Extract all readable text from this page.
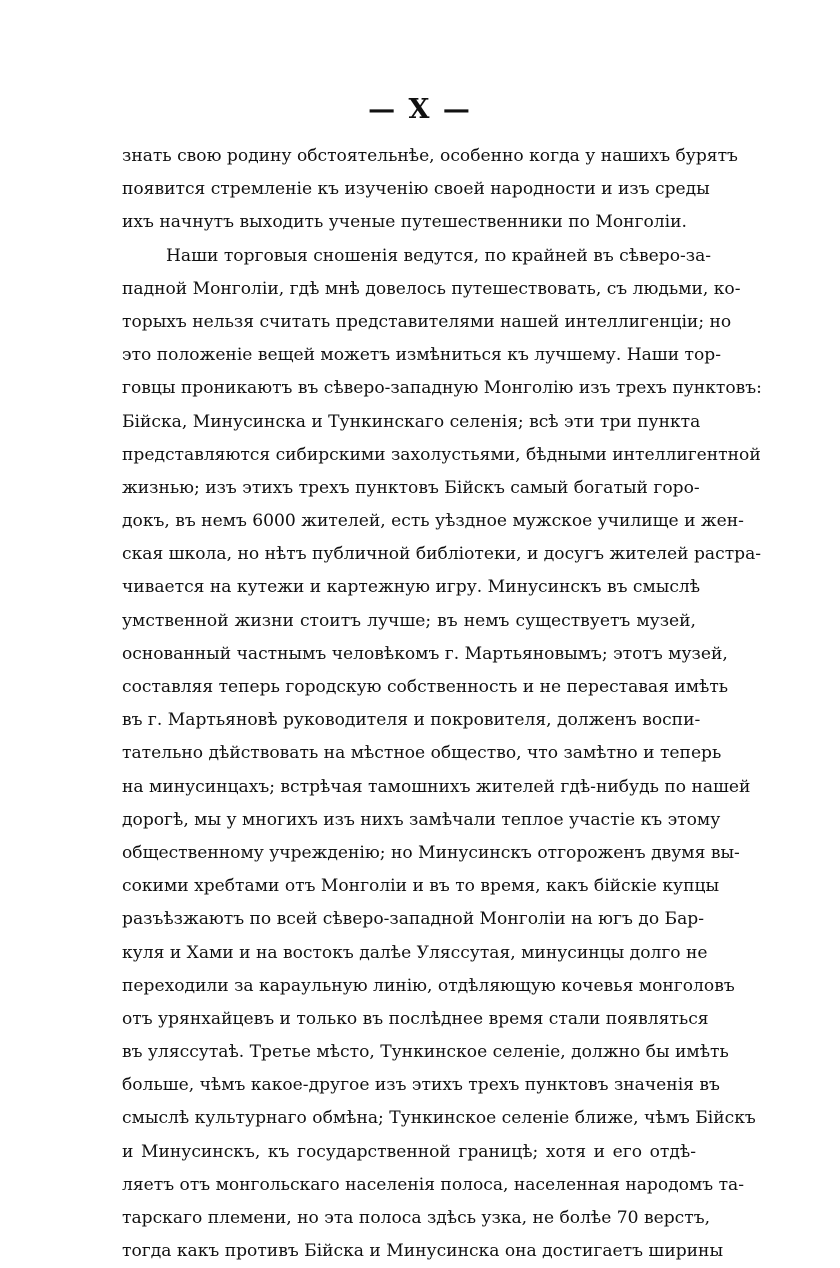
— X —
знать свою родину обстоятельнѣе, особенно когда у нашихъ бурятъ
появится стремленіе къ изученію своей народности и изъ среды
ихъ начнутъ выходить ученые путешественники по Монголіи.
Наши торговыя сношенія ведутся, по крайней въ сѣверо-за-
падной Монголіи, гдѣ мнѣ довелось путешествовать, съ людьми, ко-
торыхъ нельзя считать представителями нашей интеллигенціи; но
это положеніе вещей можетъ измѣниться къ лучшему. Наши тор-
говцы проникаютъ въ сѣверо-западную Монголію изъ трехъ пунктовъ:
Бійска, Минусинска и Тункинскаго селенія; всѣ эти три пункта
представляются сибирскими захолустьями, бѣдными интеллигентной
жизнью; изъ этихъ трехъ пунктовъ Бійскъ самый богатый горо-
докъ, въ немъ 6000 жителей, есть уѣздное мужское училище и жен-
ская школа, но нѣтъ публичной библіотеки, и досугъ жителей растра-
чивается на кутежи и картежную игру. Минусинскъ въ смыслѣ
умственной жизни стоитъ лучше; въ немъ существуетъ музей,
основанный частнымъ человѣкомъ г. Мартьяновымъ; этотъ музей,
составляя теперь городскую собственность и не переставая имѣть
въ г. Мартьяновѣ руководителя и покровителя, долженъ воспи-
тательно дѣйствовать на мѣстное общество, что замѣтно и теперь
на минусинцахъ; встрѣчая тамошнихъ жителей гдѣ-нибудь по нашей
дорогѣ, мы у многихъ изъ нихъ замѣчали теплое участіе къ этому
общественному учрежденію; но Минусинскъ отгороженъ двумя вы-
сокими хребтами отъ Монголіи и въ то время, какъ бійскіе купцы
разъѣзжаютъ по всей сѣверо-западной Монголіи на югъ до Бар-
куля и Хами и на востокъ далѣе Улясcутая, минусинцы долго не
переходили за караульную линію, отдѣляющую кочевья монголовъ
отъ урянхайцевъ и только въ послѣднее время стали появляться
въ улясcутаѣ. Третье мѣсто, Тункинское селеніе, должно бы имѣть
больше, чѣмъ какое-другое изъ этихъ трехъ пунктовъ значенія въ
смыслѣ культурнаго обмѣна; Тункинское селеніе ближе, чѣмъ Бійскъ
и Минусинскъ, къ государственной границѣ; хотя и его отдѣ-
ляетъ отъ монгольскаго населенія полоса, населенная народомъ та-
тарскаго племени, но эта полоса здѣсь узка, не болѣе 70 верстъ,
тогда какъ противъ Бійска и Минусинска она достигаетъ ширины
